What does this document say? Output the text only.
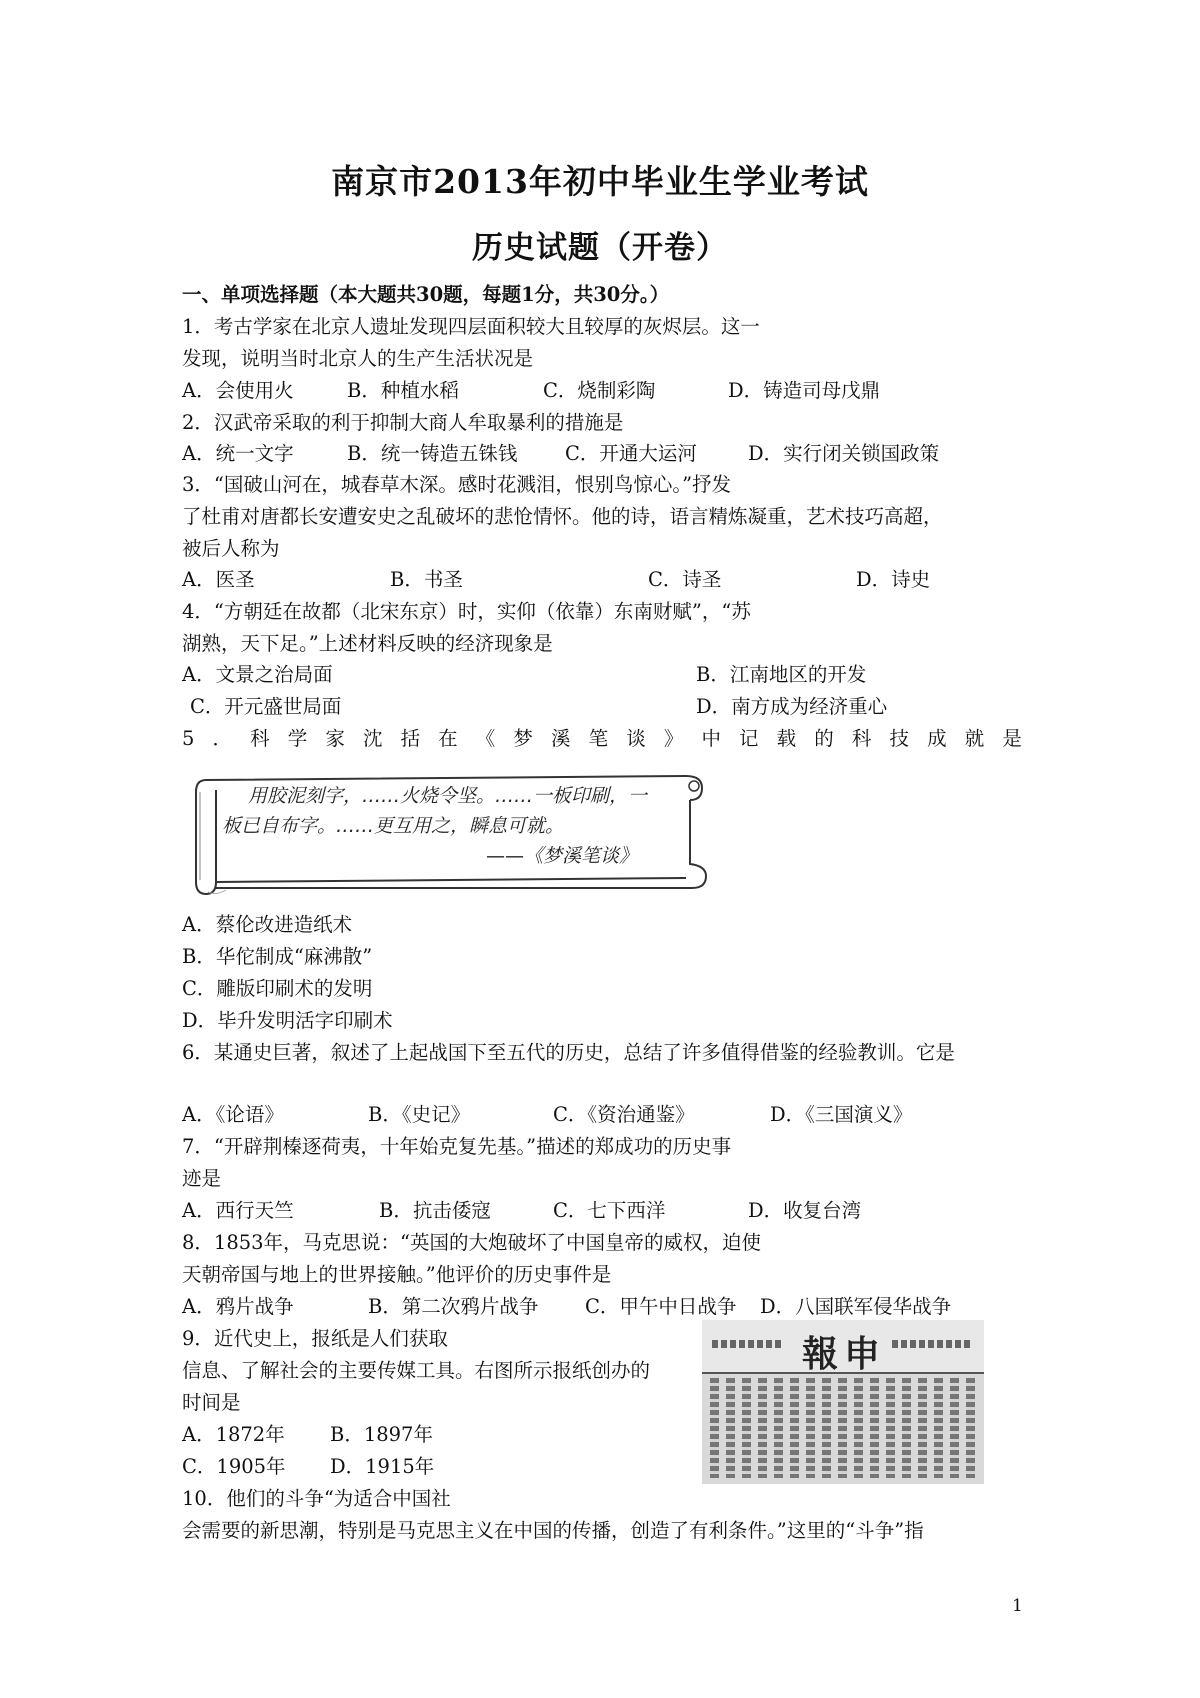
南京市2013年初中毕业生学业考试
历史试题（开卷）
一、单项选择题（本大题共30题，每题1分，共30分。）
1．考古学家在北京人遗址发现四层面积较大且较厚的灰烬层。这一
发现，说明当时北京人的生产生活状况是
A．会使用火	B．种植水稻	C．烧制彩陶	D．铸造司母戊鼎
2．汉武帝采取的利于抑制大商人牟取暴利的措施是
A．统一文字	B．统一铸造五铢钱 C．开通大运河	D．实行闭关锁国政策
3．“国破山河在，城春草木深。感时花溅泪，恨别鸟惊心。”抒发
了杜甫对唐都长安遭安史之乱破坏的悲怆情怀。他的诗，语言精炼凝重，艺术技巧高超，
被后人称为
A．医圣	B．书圣	C．诗圣	D．诗史
4．“方朝廷在故都（北宋东京）时，实仰（依靠）东南财赋”，“苏
湖熟，天下足。”上述材料反映的经济现象是
A．文景之治局面	B．江南地区的开发
C．开元盛世局面	D．南方成为经济重心
5 ． 科 学 家 沈 括 在 《 梦 溪 笔 谈 》 中 记 载 的 科 技 成 就 是
用胶泥刻字，……火烧令坚。……一板印刷，一
板已自布字。……更互用之，瞬息可就。
——《梦溪笔谈》
A．蔡伦改进造纸术
B．华佗制成“麻沸散”
C．雕版印刷术的发明
D．毕升发明活字印刷术
6．某通史巨著，叙述了上起战国下至五代的历史，总结了许多值得借鉴的经验教训。它是
A．《论语》	B．《史记》	C．《资治通鉴》	D．《三国演义》
7．“开辟荆榛逐荷夷，十年始克复先基。”描述的郑成功的历史事
迹是
A．西行天竺	B．抗击倭寇	C．七下西洋	D．收复台湾
8．1853年，马克思说：“英国的大炮破坏了中国皇帝的威权，迫使
天朝帝国与地上的世界接触。”他评价的历史事件是
A．鸦片战争	B．第二次鸦片战争 C．甲午中日战争 D．八国联军侵华战争
9．近代史上，报纸是人们获取
信息、了解社会的主要传媒工具。右图所示报纸创办的
时间是
A．1872年 B．1897年
C．1905年 D．1915年
報申
10．他们的斗争“为适合中国社
会需要的新思潮，特别是马克思主义在中国的传播，创造了有利条件。”这里的“斗争”指
1
